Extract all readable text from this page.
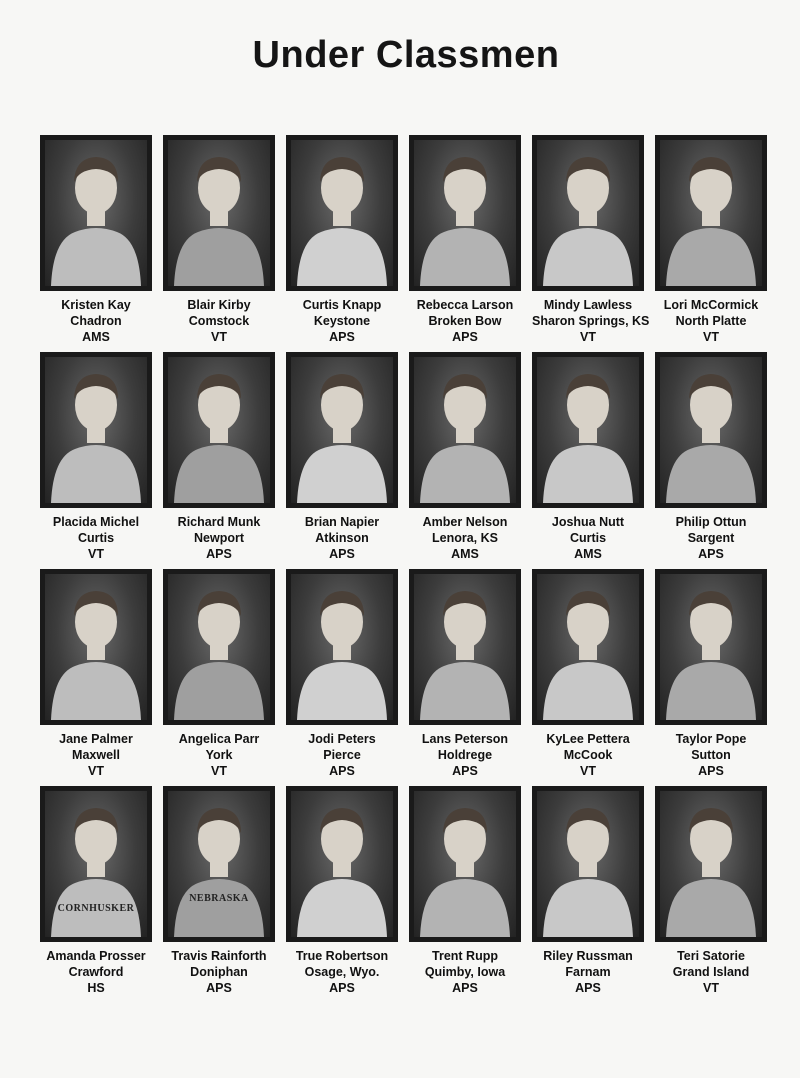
Under Classmen
Kristen Kay
Chadron
AMS
Blair Kirby
Comstock
VT
Curtis Knapp
Keystone
APS
Rebecca Larson
Broken Bow
APS
Mindy Lawless
Sharon Springs, KS
VT
Lori McCormick
North Platte
VT
Placida Michel
Curtis
VT
Richard Munk
Newport
APS
Brian Napier
Atkinson
APS
Amber Nelson
Lenora, KS
AMS
Joshua Nutt
Curtis
AMS
Philip Ottun
Sargent
APS
Jane Palmer
Maxwell
VT
Angelica Parr
York
VT
Jodi Peters
Pierce
APS
Lans Peterson
Holdrege
APS
KyLee Pettera
McCook
VT
Taylor Pope
Sutton
APS
CORNHUSKER
Amanda Prosser
Crawford
HS
NEBRASKA
Travis Rainforth
Doniphan
APS
True Robertson
Osage, Wyo.
APS
Trent Rupp
Quimby, Iowa
APS
Riley Russman
Farnam
APS
Teri Satorie
Grand Island
VT
